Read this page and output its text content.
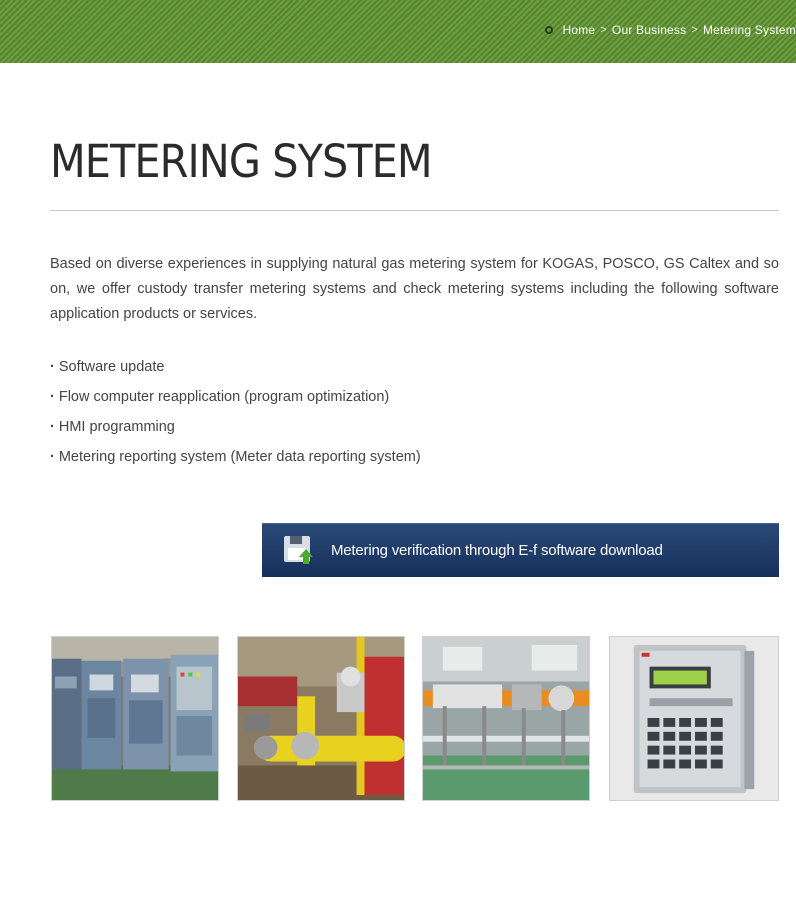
Home > Our Business > Metering System
METERING SYSTEM

Based on diverse experiences in supplying natural gas metering system for KOGAS, POSCO, GS Caltex and so on, we offer custody transfer metering systems and check metering systems including the following software application products or services.

· Software update
· Flow computer reapplication (program optimization)
· HMI programming
· Metering reporting system (Meter data reporting system)
Metering verification through E-f software download
